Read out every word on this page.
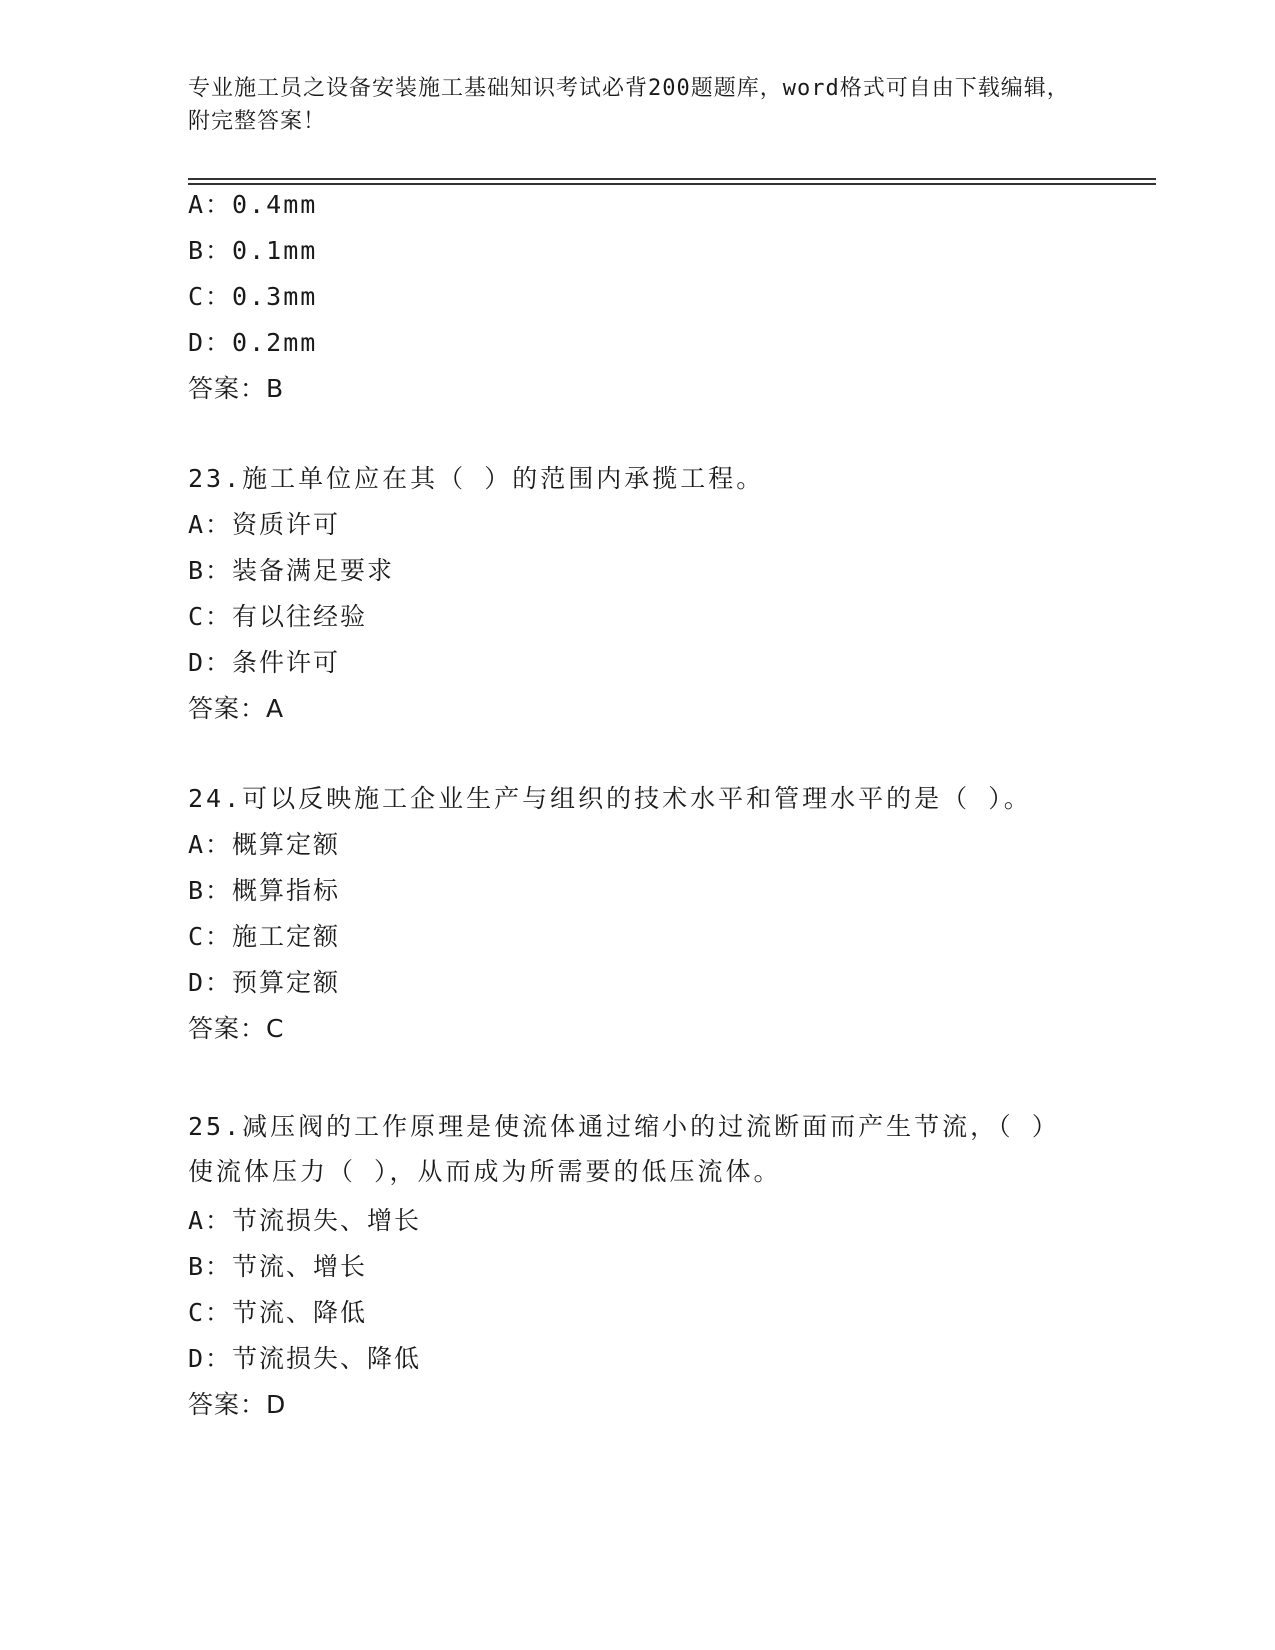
专业施工员之设备安装施工基础知识考试必背200题题库，word格式可自由下载编辑，附完整答案！
A：0.4mm
B：0.1mm
C：0.3mm
D：0.2mm
答案：B
23.施工单位应在其（ ）的范围内承揽工程。
A：资质许可
B：装备满足要求
C：有以往经验
D：条件许可
答案：A
24.可以反映施工企业生产与组织的技术水平和管理水平的是（ ）。
A：概算定额
B：概算指标
C：施工定额
D：预算定额
答案：C
25.减压阀的工作原理是使流体通过缩小的过流断面而产生节流，（ ）使流体压力（ ），从而成为所需要的低压流体。
A：节流损失、增长
B：节流、增长
C：节流、降低
D：节流损失、降低
答案：D
